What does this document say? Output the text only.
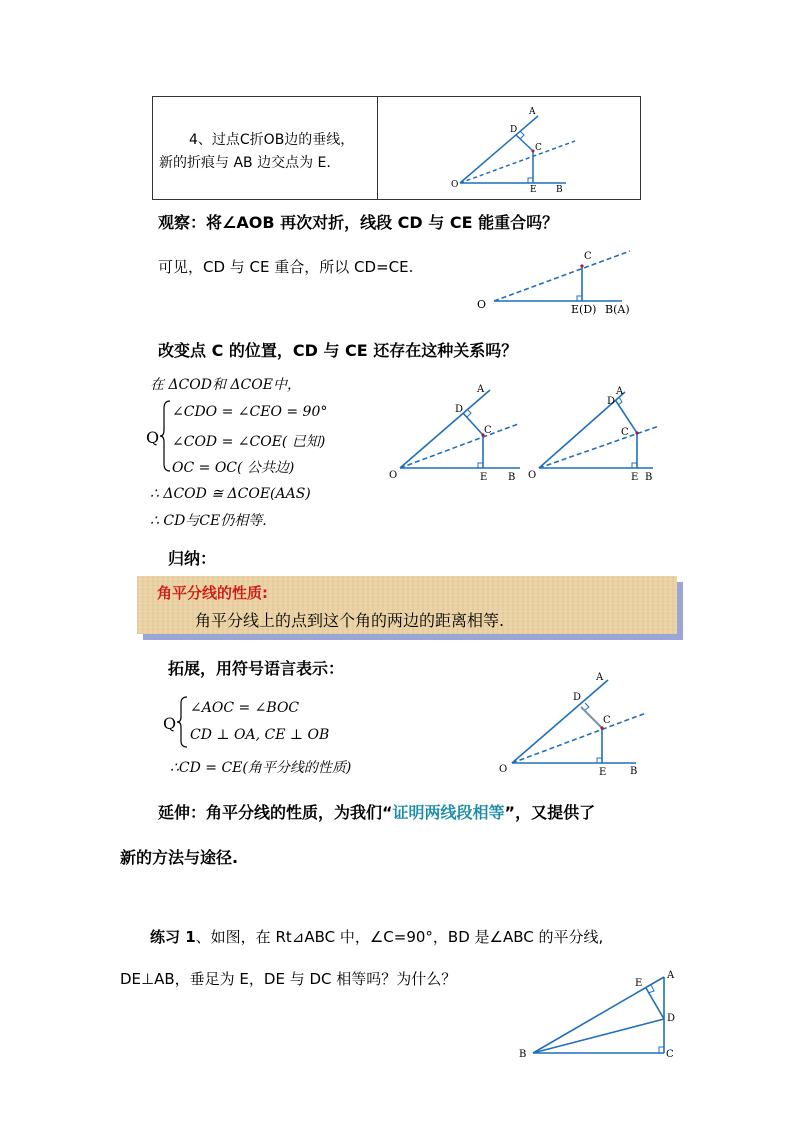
4、过点C折OB边的垂线，
新的折痕与 AB 边交点为 E.
A
D
C
O	E B
观察：将∠AOB 再次对折，线段 CD 与 CE 能重合吗？
可见，CD 与 CE 重合，所以 CD=CE.
C
O	E(D) B(A)
改变点 C 的位置，CD 与 CE 还存在这种关系吗？
在 ΔCOD和 ΔCOE中，
Q
∠CDO = ∠CEO = 90°
∠COD = ∠COE( 已知)
OC = OC( 公共边)
∴ ΔCOD ≅ ΔCOE(AAS)
∴ CD与CE仍相等.
A
D
C
O	E B
A
D
C
O	E B
归纳：
角平分线的性质:
角平分线上的点到这个角的两边的距离相等.
拓展，用符号语言表示：
Q
∠AOC = ∠BOC
CD ⊥ OA, CE ⊥ OB
∴CD = CE(角平分线的性质)
A
D
C
O	E B
延伸：角平分线的性质，为我们“证明两线段相等”，又提供了
新的方法与途径.
练习 1、如图，在 Rt⊿ABC 中，∠C=90°，BD 是∠ABC 的平分线,
DE⊥AB，垂足为 E，DE 与 DC 相等吗？为什么？	A
E
D
B	C
